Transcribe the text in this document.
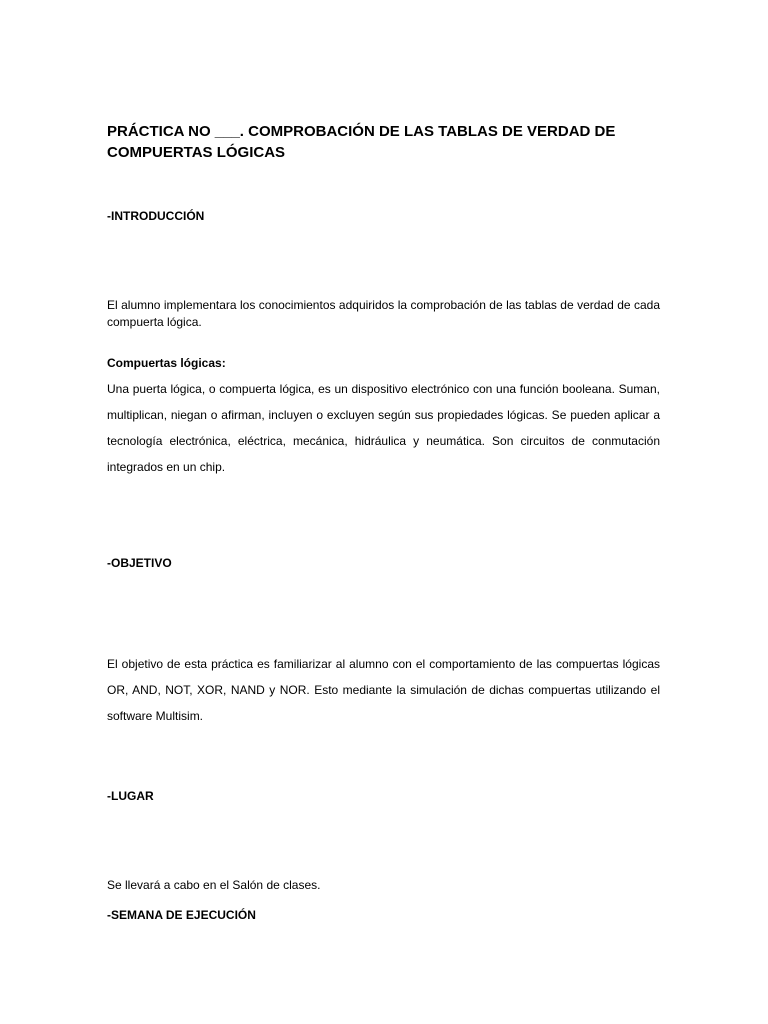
PRÁCTICA NO ___. COMPROBACIÓN DE LAS TABLAS DE VERDAD DE COMPUERTAS LÓGICAS
-INTRODUCCIÓN

El alumno implementara los conocimientos adquiridos la comprobación de las tablas de verdad de cada compuerta lógica.

Compuertas lógicas:

Una puerta lógica, o compuerta lógica, es un dispositivo electrónico con una función booleana. Suman, multiplican, niegan o afirman, incluyen o excluyen según sus propiedades lógicas. Se pueden aplicar a tecnología electrónica, eléctrica, mecánica, hidráulica y neumática. Son circuitos de conmutación integrados en un chip.

-OBJETIVO

El objetivo de esta práctica es familiarizar al alumno con el comportamiento de las compuertas lógicas OR, AND, NOT, XOR, NAND y NOR. Esto mediante la simulación de dichas compuertas utilizando el software Multisim.

-LUGAR

Se llevará a cabo en el Salón de clases.

-SEMANA DE EJECUCIÓN
